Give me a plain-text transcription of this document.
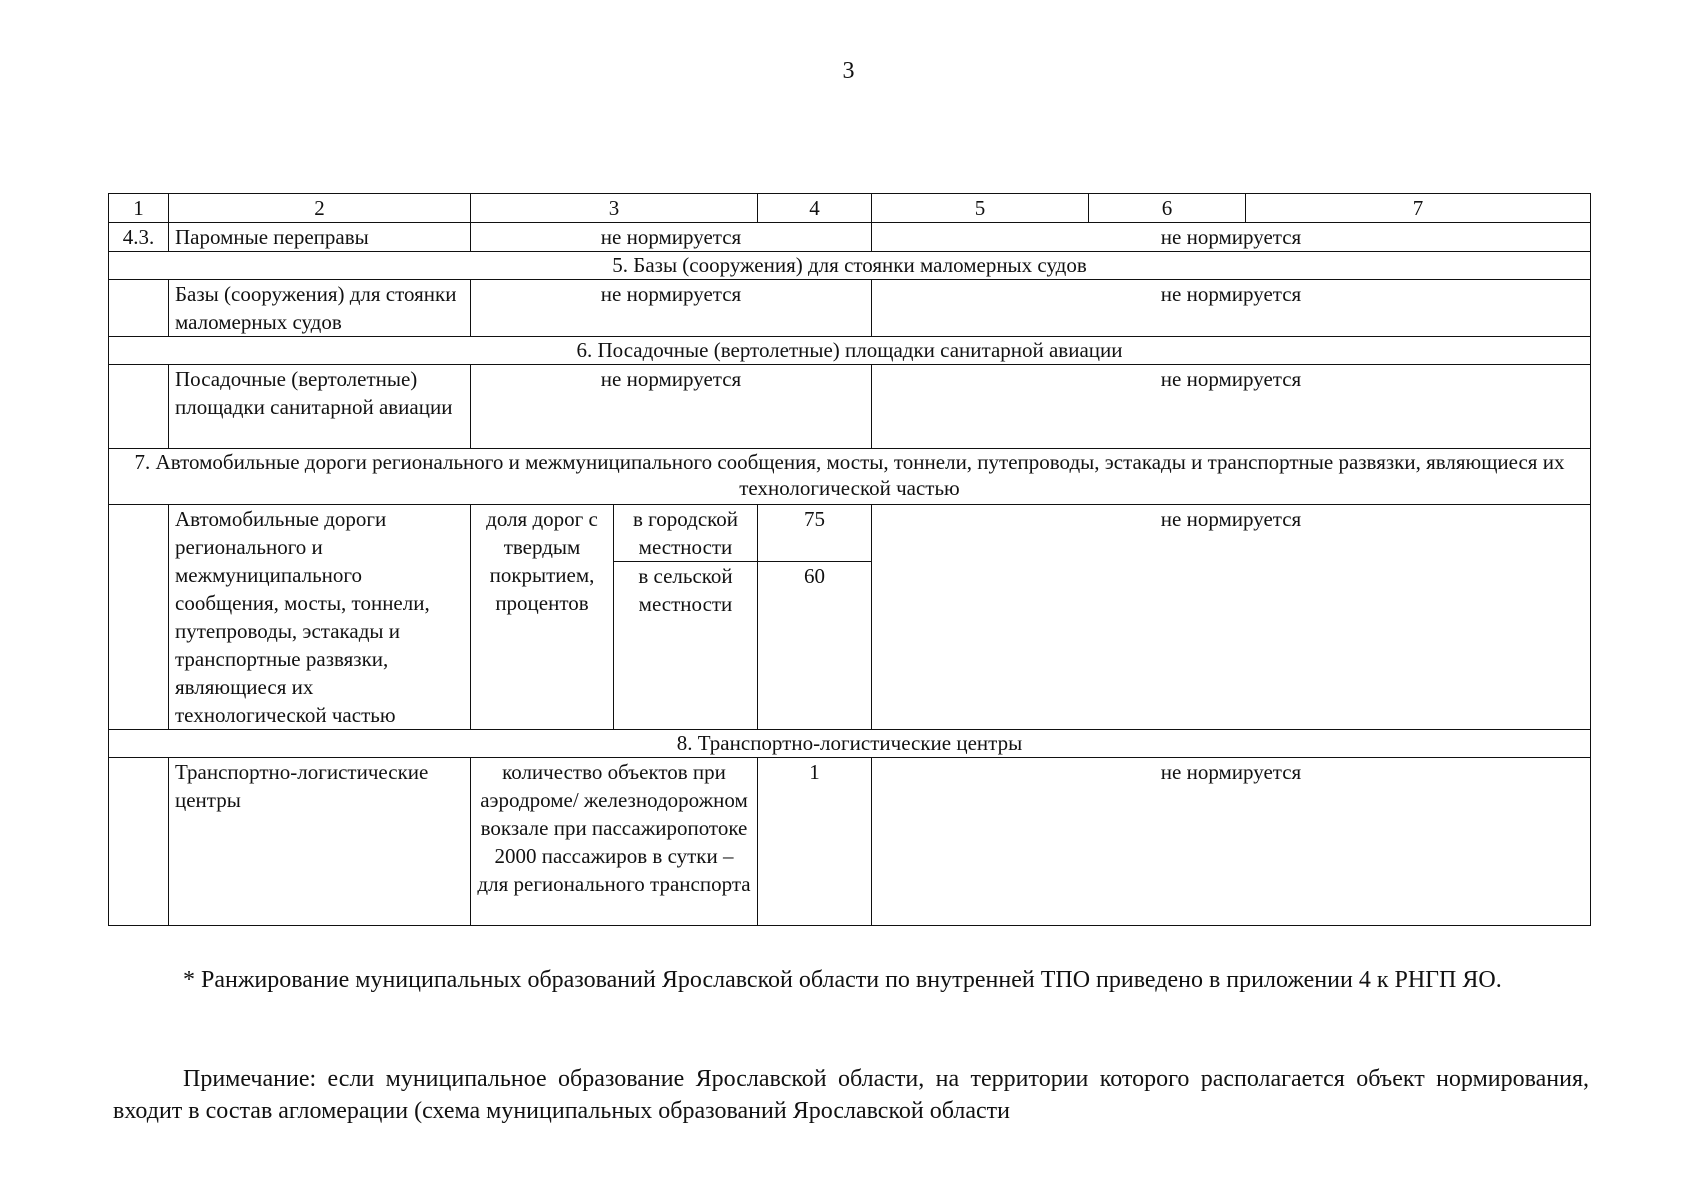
3
1	2	3		4	5	6	7
4.3.	Паромные переправы	не нормируется			не нормируется		
5. Базы (сооружения) для стоянки маломерных судов							
	Базы (сооружения) для стоянки маломерных судов	не нормируется			не нормируется		
6. Посадочные (вертолетные) площадки санитарной авиации							
	Посадочные (вертолетные) площадки санитарной авиации	не нормируется			не нормируется		
7. Автомобильные дороги регионального и межмуниципального сообщения, мосты, тоннели, путепроводы, эстакады и транспортные развязки, являющиеся их технологической частью							
	Автомобильные дороги регионального и межмуниципального сообщения, мосты, тоннели, путепроводы, эстакады и транспортные развязки, являющиеся их технологической частью	доля дорог с твердым покрытием, процентов	в городской местности	75	не нормируется		
			в сельской местности	60			
8. Транспортно-логистические центры							
	Транспортно-логистические центры	количество объектов при аэродроме/ железнодорожном вокзале при пассажиропотоке 2000 пассажиров в сутки – для регионального транспорта		1	не нормируется		

* Ранжирование муниципальных образований Ярославской области по внутренней ТПО приведено в приложении 4 к РНГП ЯО.

Примечание: если муниципальное образование Ярославской области, на территории которого располагается объект нормирования, входит в состав агломерации (схема муниципальных образований Ярославской области
